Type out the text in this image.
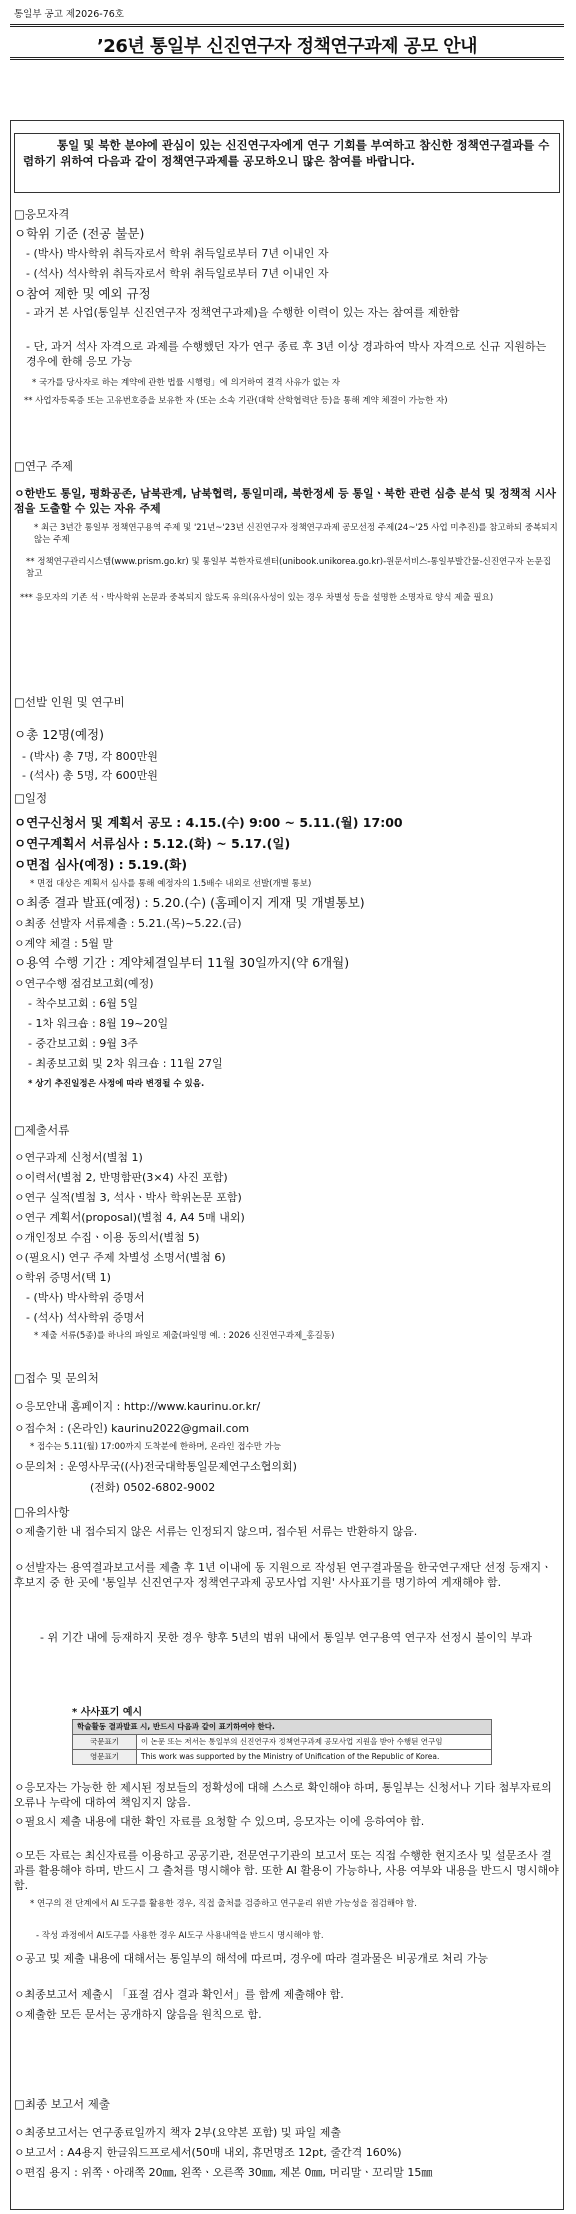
통일부 공고 제2026-76호
’26년 통일부 신진연구자 정책연구과제 공모 안내
통일 및 북한 분야에 관심이 있는 신진연구자에게 연구 기회를 부여하고 참신한 정책연구결과를 수렴하기 위하여 다음과 같이 정책연구과제를 공모하오니 많은 참여를 바랍니다.
□응모자격
ㅇ학위 기준 (전공 불문)
- (박사) 박사학위 취득자로서 학위 취득일로부터 7년 이내인 자
- (석사) 석사학위 취득자로서 학위 취득일로부터 7년 이내인 자
ㅇ참여 제한 및 예외 규정
- 과거 본 사업(통일부 신진연구자 정책연구과제)을 수행한 이력이 있는 자는 참여를 제한함
- 단, 과거 석사 자격으로 과제를 수행했던 자가 연구 종료 후 3년 이상 경과하여 박사 자격으로 신규 지원하는 경우에 한해 응모 가능
* 국가를 당사자로 하는 계약에 관한 법률 시행령」에 의거하여 결격 사유가 없는 자
** 사업자등록증 또는 고유번호증을 보유한 자 (또는 소속 기관(대학 산학협력단 등)을 통해 계약 체결이 가능한 자)
□연구 주제
ㅇ한반도 통일, 평화공존, 남북관계, 남북협력, 통일미래, 북한정세 등 통일ㆍ북한 관련 심층 분석 및 정책적 시사점을 도출할 수 있는 자유 주제
* 최근 3년간 통일부 정책연구용역 주제 및 '21년~'23년 신진연구자 정책연구과제 공모선정 주제(24~'25 사업 미추진)를 참고하되 중복되지 않는 주제
** 정책연구관리시스템(www.prism.go.kr) 및 통일부 북한자료센터(unibook.unikorea.go.kr)-원문서비스-통일부발간물-신진연구자 논문집 참고
*** 응모자의 기존 석ㆍ박사학위 논문과 중복되지 않도록 유의(유사성이 있는 경우 차별성 등을 설명한 소명자료 양식 제출 필요)
□선발 인원 및 연구비
ㅇ총 12명(예정)
- (박사) 총 7명, 각 800만원
- (석사) 총 5명, 각 600만원
□일정
ㅇ연구신청서 및 계획서 공모 : 4.15.(수) 9:00 ~ 5.11.(월) 17:00
ㅇ연구계획서 서류심사 : 5.12.(화) ~ 5.17.(일)
ㅇ면접 심사(예정) : 5.19.(화)
* 면접 대상은 계획서 심사를 통해 예정자의 1.5배수 내외로 선발(개별 통보)
ㅇ최종 결과 발표(예정) : 5.20.(수) (홈페이지 게재 및 개별통보)
ㅇ최종 선발자 서류제출 : 5.21.(목)~5.22.(금)
ㅇ계약 체결 : 5월 말
ㅇ용역 수행 기간 : 계약체결일부터 11월 30일까지(약 6개월)
ㅇ연구수행 점검보고회(예정)
- 착수보고회 : 6월 5일
- 1차 워크숍 : 8월 19~20일
- 중간보고회 : 9월 3주
- 최종보고회 및 2차 워크숍 : 11월 27일
* 상기 추진일정은 사정에 따라 변경될 수 있음.
□제출서류
ㅇ연구과제 신청서(별첨 1)
ㅇ이력서(별첨 2, 반명함판(3×4) 사진 포함)
ㅇ연구 실적(별첨 3, 석사ㆍ박사 학위논문 포함)
ㅇ연구 계획서(proposal)(별첨 4, A4 5매 내외)
ㅇ개인정보 수집ㆍ이용 동의서(별첨 5)
ㅇ(필요시) 연구 주제 차별성 소명서(별첨 6)
ㅇ학위 증명서(택 1)
- (박사) 박사학위 증명서
- (석사) 석사학위 증명서
* 제출 서류(5종)를 하나의 파일로 제출(파일명 예. : 2026 신진연구과제_홍길동)
□접수 및 문의처
ㅇ응모안내 홈페이지 : http://www.kaurinu.or.kr/
ㅇ접수처 : (온라인) kaurinu2022@gmail.com
* 접수는 5.11(월) 17:00까지 도착분에 한하며, 온라인 접수만 가능
ㅇ문의처 : 운영사무국((사)전국대학통일문제연구소협의회)
(전화) 0502-6802-9002
□유의사항
ㅇ제출기한 내 접수되지 않은 서류는 인정되지 않으며, 접수된 서류는 반환하지 않음.
ㅇ선발자는 용역결과보고서를 제출 후 1년 이내에 동 지원으로 작성된 연구결과물을 한국연구재단 선정 등재지ㆍ후보지 중 한 곳에 '통일부 신진연구자 정책연구과제 공모사업 지원' 사사표기를 명기하여 게재해야 함.
- 위 기간 내에 등재하지 못한 경우 향후 5년의 범위 내에서 통일부 연구용역 연구자 선정시 불이익 부과
* 사사표기 예시
학술활동 결과발표 시, 반드시 다음과 같이 표기하여야 한다.	
국문표기	이 논문 또는 저서는 통일부의 신진연구자 정책연구과제 공모사업 지원을 받아 수행된 연구임
영문표기	This work was supported by the Ministry of Unification of the Republic of Korea.
ㅇ응모자는 가능한 한 제시된 정보들의 정확성에 대해 스스로 확인해야 하며, 통일부는 신청서나 기타 첨부자료의 오류나 누락에 대하여 책임지지 않음.
ㅇ필요시 제출 내용에 대한 확인 자료를 요청할 수 있으며, 응모자는 이에 응하여야 함.
ㅇ모든 자료는 최신자료를 이용하고 공공기관, 전문연구기관의 보고서 또는 직접 수행한 현지조사 및 설문조사 결과를 활용해야 하며, 반드시 그 출처를 명시해야 함. 또한 AI 활용이 가능하나, 사용 여부와 내용을 반드시 명시해야 함.
* 연구의 전 단계에서 AI 도구를 활용한 경우, 직접 출처를 검증하고 연구윤리 위반 가능성을 점검해야 함.
- 작성 과정에서 AI도구를 사용한 경우 AI도구 사용내역을 반드시 명시해야 함.
ㅇ공고 및 제출 내용에 대해서는 통일부의 해석에 따르며, 경우에 따라 결과물은 비공개로 처리 가능
ㅇ최종보고서 제출시 「표절 검사 결과 확인서」를 함께 제출해야 함.
ㅇ제출한 모든 문서는 공개하지 않음을 원칙으로 함.
□최종 보고서 제출
ㅇ최종보고서는 연구종료일까지 책자 2부(요약본 포함) 및 파일 제출
ㅇ보고서 : A4용지 한글워드프로세서(50매 내외, 휴먼명조 12pt, 줄간격 160%)
ㅇ편집 용지 : 위쪽ㆍ아래쪽 20㎜, 왼쪽ㆍ오른쪽 30㎜, 제본 0㎜, 머리말ㆍ꼬리말 15㎜
